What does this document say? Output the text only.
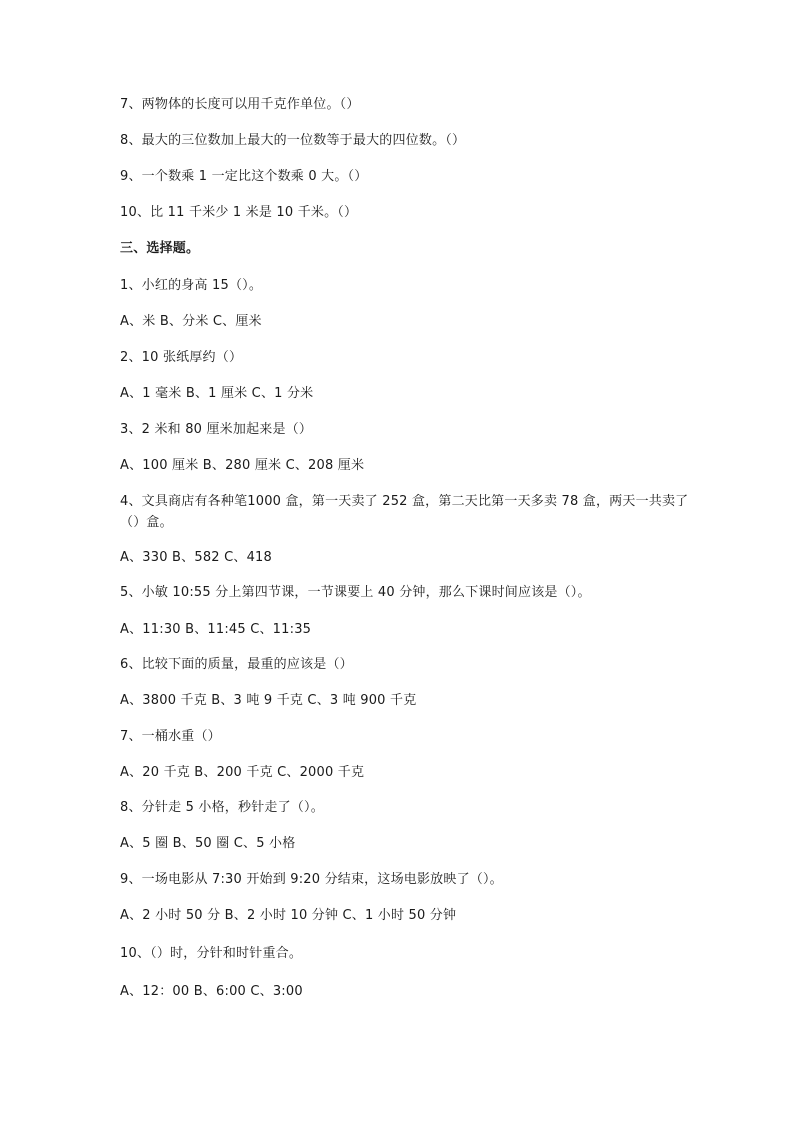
7、两物体的长度可以用千克作单位。（）
8、最大的三位数加上最大的一位数等于最大的四位数。（）
9、一个数乘 1 一定比这个数乘 0 大。（）
10、比 11 千米少 1 米是 10 千米。（）
三、选择题。
1、小红的身高 15（）。
A、米 B、分米 C、厘米
2、10 张纸厚约（）
A、1 毫米 B、1 厘米 C、1 分米
3、2 米和 80 厘米加起来是（）
A、100 厘米 B、280 厘米 C、208 厘米
4、文具商店有各种笔1000 盒，第一天卖了 252 盒，第二天比第一天多卖 78 盒，两天一共卖了（）盒。
A、330 B、582 C、418
5、小敏 10:55 分上第四节课，一节课要上 40 分钟，那么下课时间应该是（）。
A、11:30 B、11:45 C、11:35
6、比较下面的质量，最重的应该是（）
A、3800 千克 B、3 吨 9 千克 C、3 吨 900 千克
7、一桶水重（）
A、20 千克 B、200 千克 C、2000 千克
8、分针走 5 小格，秒针走了（）。
A、5 圈 B、50 圈 C、5 小格
9、一场电影从 7:30 开始到 9:20 分结束，这场电影放映了（）。
A、2 小时 50 分 B、2 小时 10 分钟 C、1 小时 50 分钟
10、（）时，分针和时针重合。
A、12：00 B、6:00 C、3:00
